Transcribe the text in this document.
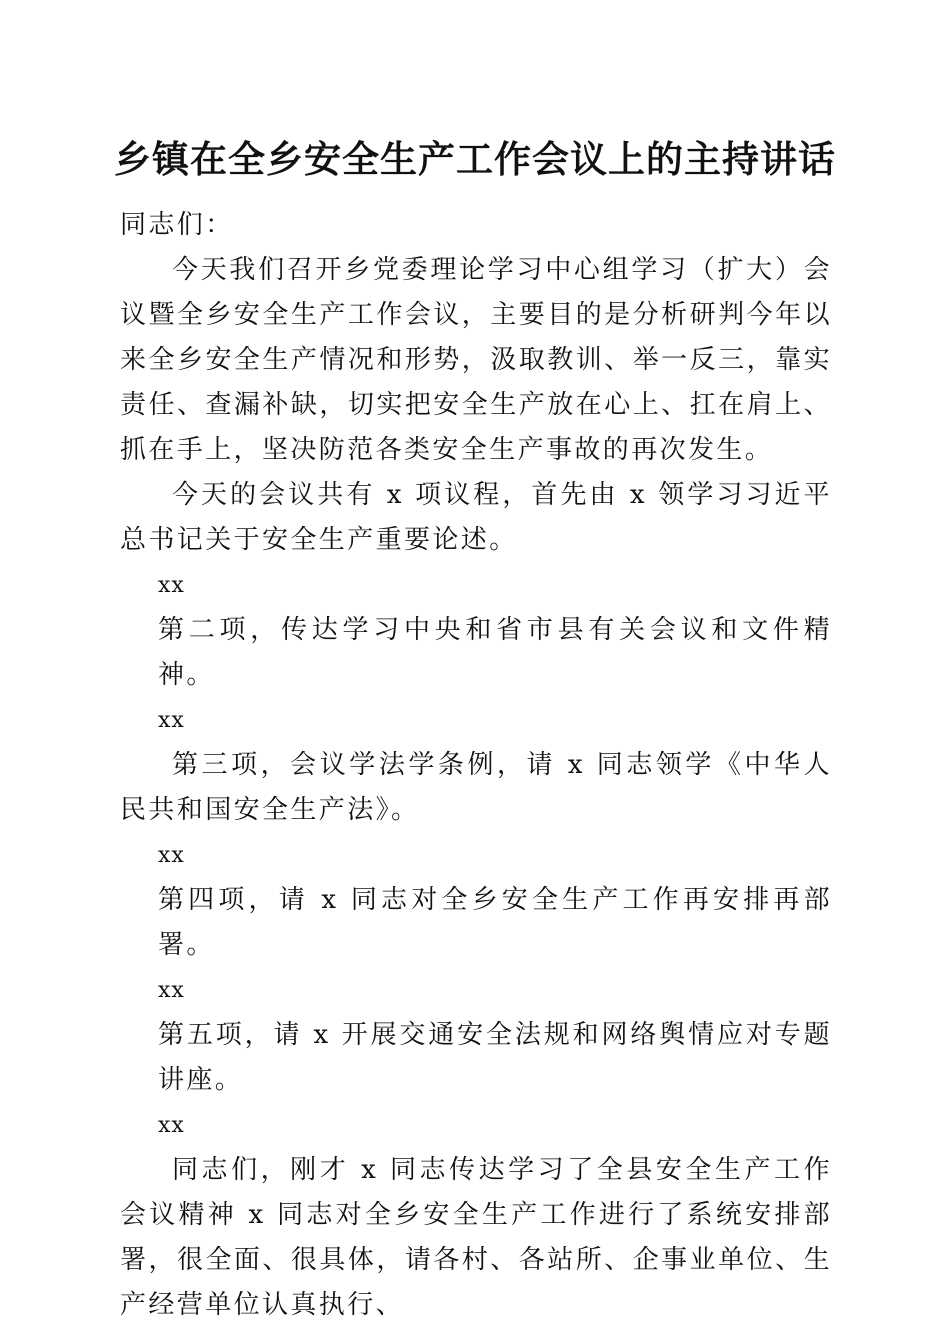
乡镇在全乡安全生产工作会议上的主持讲话

同志们：

今天我们召开乡党委理论学习中心组学习（扩大）会议暨全乡安全生产工作会议，主要目的是分析研判今年以来全乡安全生产情况和形势，汲取教训、举一反三，靠实责任、查漏补缺，切实把安全生产放在心上、扛在肩上、抓在手上，坚决防范各类安全生产事故的再次发生。

今天的会议共有 x 项议程，首先由 x 领学习习近平总书记关于安全生产重要论述。

xx

第二项，传达学习中央和省市县有关会议和文件精神。

xx

第三项，会议学法学条例，请 x 同志领学《中华人民共和国安全生产法》。

xx

第四项，请 x 同志对全乡安全生产工作再安排再部署。

xx

第五项，请 x 开展交通安全法规和网络舆情应对专题讲座。

xx

同志们，刚才 x 同志传达学习了全县安全生产工作会议精神 x 同志对全乡安全生产工作进行了系统安排部署，很全面、很具体，请各村、各站所、企事业单位、生产经营单位认真执行、
